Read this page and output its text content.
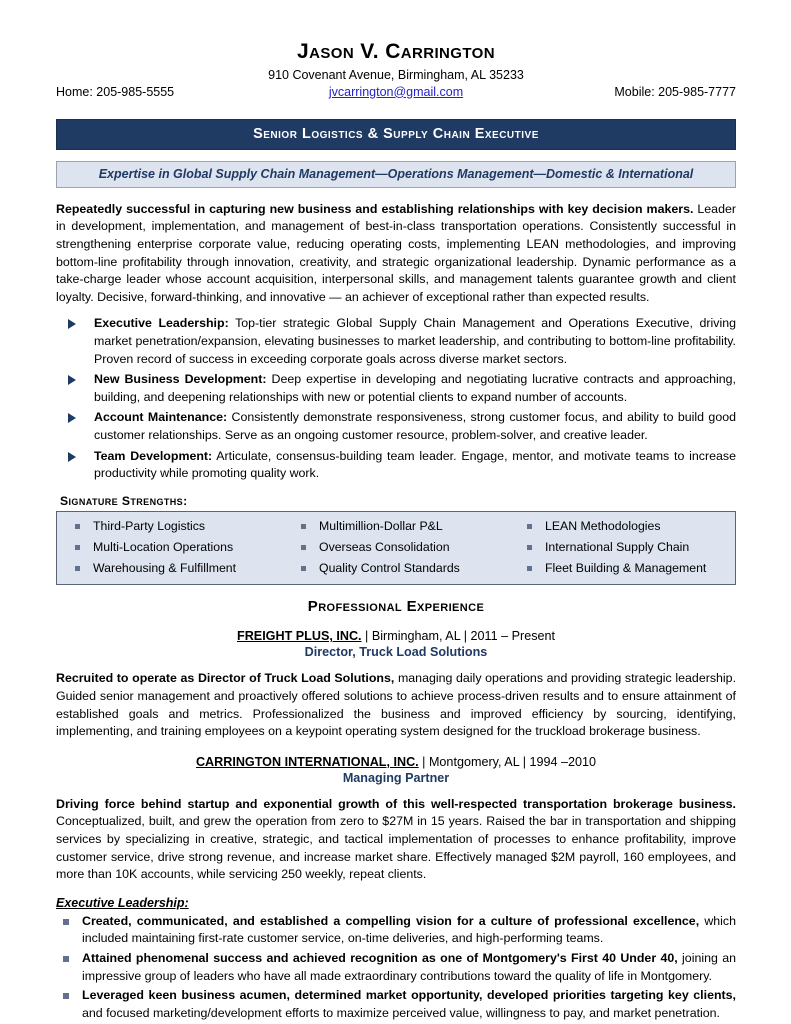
Jason V. Carrington
910 Covenant Avenue, Birmingham, AL 35233
Home: 205-985-5555	jvcarrington@gmail.com	Mobile: 205-985-7777
Senior Logistics & Supply Chain Executive
Expertise in Global Supply Chain Management—Operations Management—Domestic & International
Repeatedly successful in capturing new business and establishing relationships with key decision makers. Leader in development, implementation, and management of best-in-class transportation operations. Consistently successful in strengthening enterprise corporate value, reducing operating costs, implementing LEAN methodologies, and improving bottom-line profitability through innovation, creativity, and strategic organizational leadership. Dynamic performance as a take-charge leader whose account acquisition, interpersonal skills, and management talents guarantee growth and client loyalty. Decisive, forward-thinking, and innovative — an achiever of exceptional rather than expected results.
Executive Leadership: Top-tier strategic Global Supply Chain Management and Operations Executive, driving market penetration/expansion, elevating businesses to market leadership, and contributing to bottom-line profitability. Proven record of success in exceeding corporate goals across diverse market sectors.
New Business Development: Deep expertise in developing and negotiating lucrative contracts and approaching, building, and deepening relationships with new or potential clients to expand number of accounts.
Account Maintenance: Consistently demonstrate responsiveness, strong customer focus, and ability to build good customer relationships. Serve as an ongoing customer resource, problem-solver, and creative leader.
Team Development: Articulate, consensus-building team leader. Engage, mentor, and motivate teams to increase productivity while promoting quality work.
Signature Strengths:
Third-Party Logistics
Multi-Location Operations
Warehousing & Fulfillment
Multimillion-Dollar P&L
Overseas Consolidation
Quality Control Standards
LEAN Methodologies
International Supply Chain
Fleet Building & Management
Professional Experience
FREIGHT PLUS, INC. | Birmingham, AL | 2011 – Present
Director, Truck Load Solutions
Recruited to operate as Director of Truck Load Solutions, managing daily operations and providing strategic leadership. Guided senior management and proactively offered solutions to achieve process-driven results and to ensure attainment of established goals and metrics. Professionalized the business and improved efficiency by sourcing, identifying, implementing, and training employees on a keypoint operating system designed for the truckload brokerage business.
CARRINGTON INTERNATIONAL, INC. | Montgomery, AL | 1994 –2010
Managing Partner
Driving force behind startup and exponential growth of this well-respected transportation brokerage business. Conceptualized, built, and grew the operation from zero to $27M in 15 years. Raised the bar in transportation and shipping services by specializing in creative, strategic, and tactical implementation of processes to enhance profitability, improve customer service, drive strong revenue, and increase market share. Effectively managed $2M payroll, 160 employees, and more than 10K accounts, while servicing 250 weekly, repeat clients.
Executive Leadership:
Created, communicated, and established a compelling vision for a culture of professional excellence, which included maintaining first-rate customer service, on-time deliveries, and high-performing teams.
Attained phenomenal success and achieved recognition as one of Montgomery's First 40 Under 40, joining an impressive group of leaders who have all made extraordinary contributions toward the quality of life in Montgomery.
Leveraged keen business acumen, determined market opportunity, developed priorities targeting key clients, and focused marketing/development efforts to maximize perceived value, willingness to pay, and market penetration.
